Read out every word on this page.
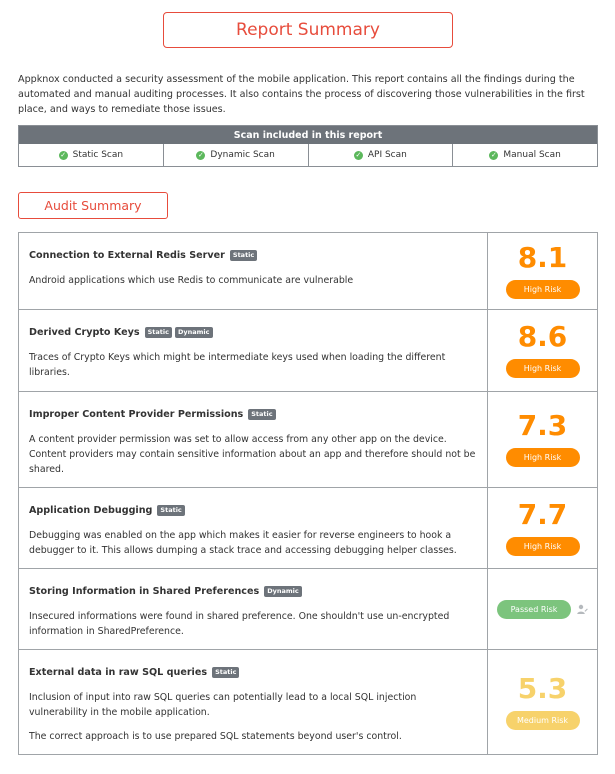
Report Summary

Appknox conducted a security assessment of the mobile application. This report contains all the findings during the automated and manual auditing processes. It also contains the process of discovering those vulnerabilities in the first place, and ways to remediate those issues.

Scan included in this report
✓ Static Scan	✓ Dynamic Scan	✓ API Scan	✓ Manual Scan
Audit Summary
Connection to External Redis Server	Static
Android applications which use Redis to communicate are vulnerable
8.1
High Risk
Derived Crypto Keys	Static	Dynamic
Traces of Crypto Keys which might be intermediate keys used when loading the different libraries.
8.6
High Risk
Improper Content Provider Permissions	Static
A content provider permission was set to allow access from any other app on the device. Content providers may contain sensitive information about an app and therefore should not be shared.
7.3
High Risk
Application Debugging	Static
Debugging was enabled on the app which makes it easier for reverse engineers to hook a debugger to it. This allows dumping a stack trace and accessing debugging helper classes.
7.7
High Risk
Storing Information in Shared Preferences	Dynamic
Insecured informations were found in shared preference. One shouldn't use un-encrypted information in SharedPreference.
Passed Risk
External data in raw SQL queries	Static
Inclusion of input into raw SQL queries can potentially lead to a local SQL injection vulnerability in the mobile application.
The correct approach is to use prepared SQL statements beyond user's control.
5.3
Medium Risk
